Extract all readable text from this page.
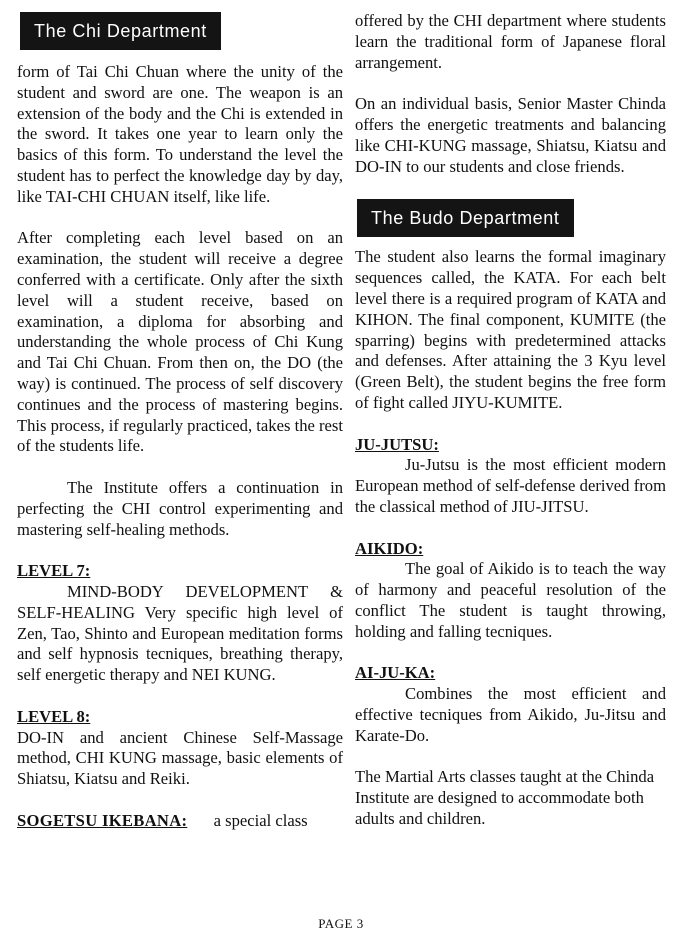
The Chi Department

form of Tai Chi Chuan where the unity of the student and sword are one. The weapon is an extension of the body and the Chi is extended in the sword. It takes one year to learn only the basics of this form. To understand the level the student has to perfect the knowledge day by day, like TAI-CHI CHUAN itself, like life.

After completing each level based on an examination, the student will receive a degree conferred with a certificate. Only after the sixth level will a student receive, based on examination, a diploma for absorbing and understanding the whole process of Chi Kung and Tai Chi Chuan. From then on, the DO (the way) is continued. The process of self discovery continues and the process of mastering begins. This process, if regularly practiced, takes the rest of the students life.

The Institute offers a continuation in perfecting the CHI control experimenting and mastering self-healing methods.

LEVEL 7:

MIND-BODY DEVELOPMENT & SELF-HEALING Very specific high level of Zen, Tao, Shinto and European meditation forms and self hypnosis tecniques, breathing therapy, self energetic therapy and NEI KUNG.

LEVEL 8:

DO-IN and ancient Chinese Self-Massage method, CHI KUNG massage, basic elements of Shiatsu, Kiatsu and Reiki.

SOGETSU IKEBANA: a special class

offered by the CHI department where students learn the traditional form of Japanese floral arrangement.

On an individual basis, Senior Master Chinda offers the energetic treatments and balancing like CHI-KUNG massage, Shiatsu, Kiatsu and DO-IN to our students and close friends.

The Budo Department

The student also learns the formal imaginary sequences called, the KATA. For each belt level there is a required program of KATA and KIHON. The final component, KUMITE (the sparring) begins with predetermined attacks and defenses. After attaining the 3 Kyu level (Green Belt), the student begins the free form of fight called JIYU-KUMITE.

JU-JUTSU:

Ju-Jutsu is the most efficient modern European method of self-defense derived from the classical method of JIU-JITSU.

AIKIDO:

The goal of Aikido is to teach the way of harmony and peaceful resolution of the conflict The student is taught throwing, holding and falling tecniques.

AI-JU-KA:

Combines the most efficient and effective tecniques from Aikido, Ju-Jitsu and Karate-Do.

The Martial Arts classes taught at the Chinda Institute are designed to accommodate both adults and children.

PAGE 3
